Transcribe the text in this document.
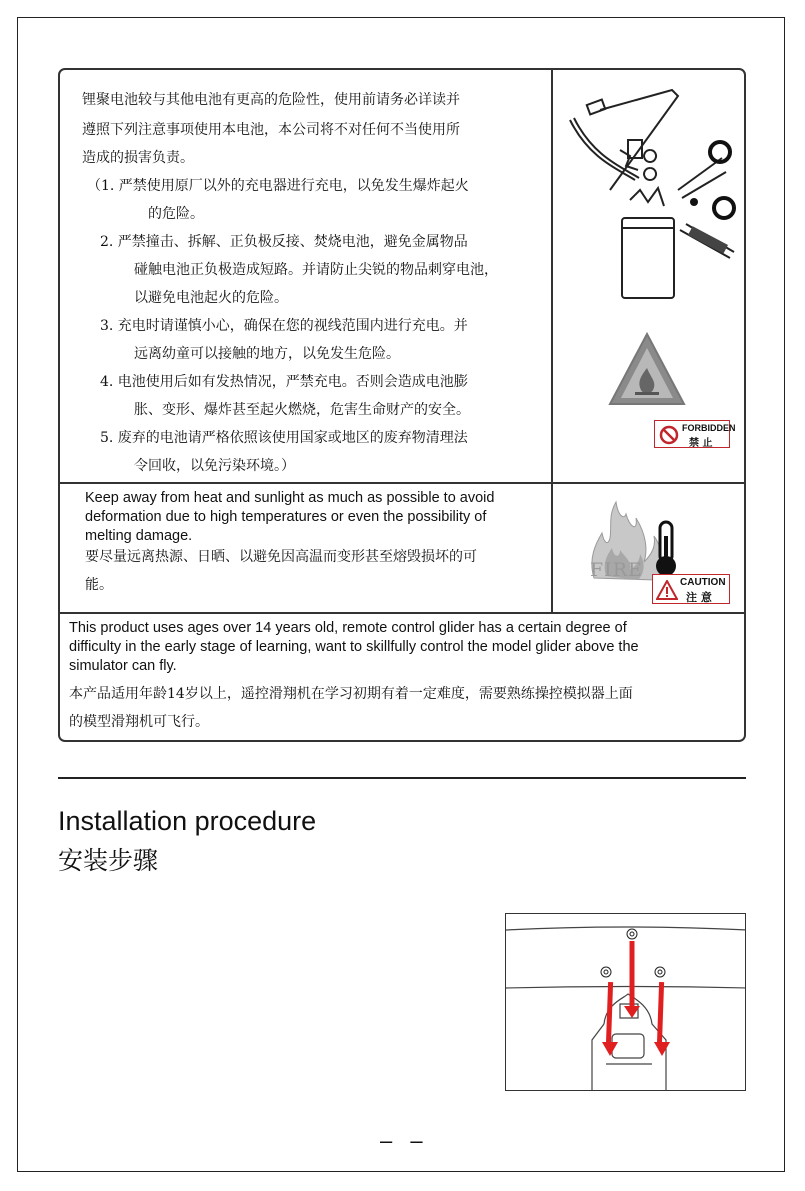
锂聚电池较与其他电池有更高的危险性，使用前请务必详读并
遵照下列注意事项使用本电池，本公司将不对任何不当使用所
造成的损害负责。
（1. 严禁使用原厂以外的充电器进行充电，以免发生爆炸起火
的危险。
2. 严禁撞击、拆解、正负极反接、焚烧电池，避免金属物品
碰触电池正负极造成短路。并请防止尖锐的物品刺穿电池，
以避免电池起火的危险。
3. 充电时请谨慎小心，确保在您的视线范围内进行充电。并
远离幼童可以接触的地方，以免发生危险。
4. 电池使用后如有发热情况，严禁充电。否则会造成电池膨
胀、变形、爆炸甚至起火燃烧，危害生命财产的安全。
5. 废弃的电池请严格依照该使用国家或地区的废弃物清理法
令回收，以免污染环境。）
FORBIDDEN
禁 止
Keep away from heat and sunlight as much as possible to avoid
deformation due to high temperatures or even the possibility of
melting damage.
要尽量远离热源、日晒、以避免因高温而变形甚至熔毁损坏的可
能。
FIRE
CAUTION
注 意
This product uses ages over 14 years old, remote control glider has a certain degree of
difficulty in the early stage of learning, want to skillfully control the model glider above the
simulator can fly.
本产品适用年龄14岁以上，遥控滑翔机在学习初期有着一定难度，需要熟练操控模拟器上面
的模型滑翔机可飞行。
Installation procedure
安装步骤
– –
